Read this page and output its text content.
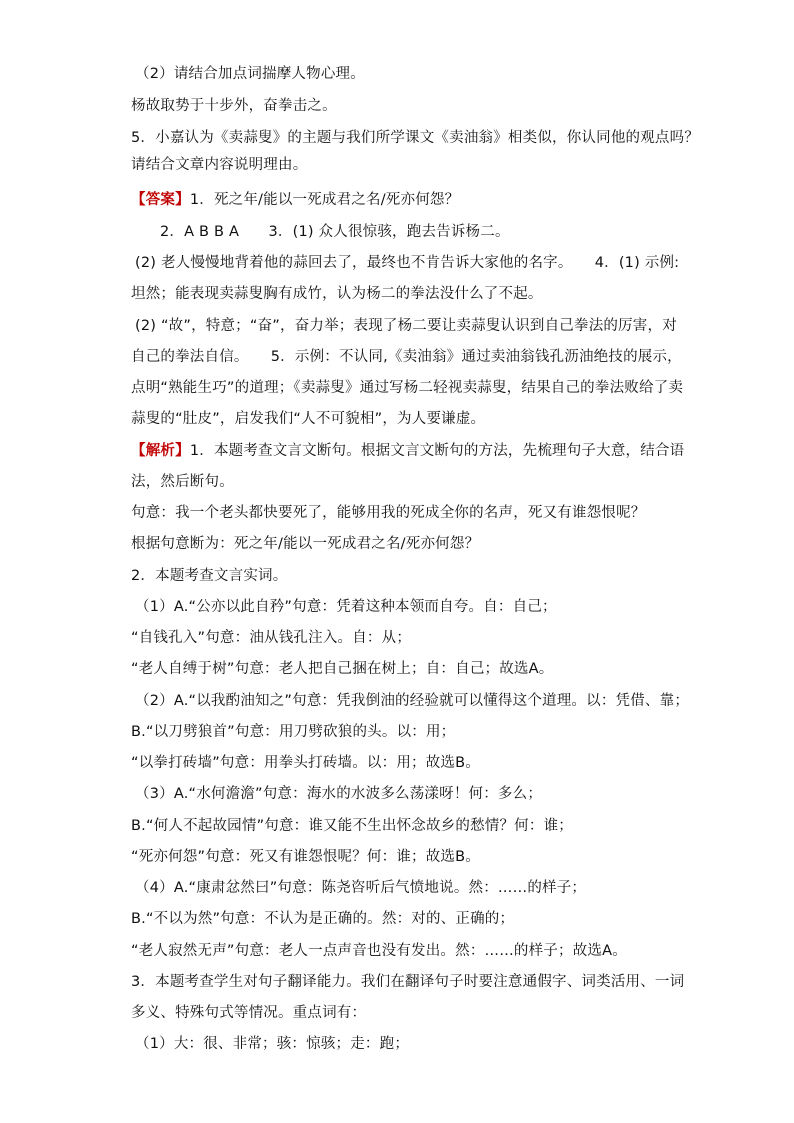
（2）请结合加点词揣摩人物心理。
杨故取势于十步外，奋拳击之。
5．小嘉认为《卖蒜叟》的主题与我们所学课文《卖油翁》相类似，你认同他的观点吗？
请结合文章内容说明理由。
【答案】1．死之年/能以一死成君之名/死亦何怨？
2．A B B A　　3．(1) 众人很惊骇，跑去告诉杨二。
(2) 老人慢慢地背着他的蒜回去了，最终也不肯告诉大家他的名字。　　4．(1) 示例:
坦然；能表现卖蒜叟胸有成竹，认为杨二的拳法没什么了不起。
(2) “故”，特意；“奋”，奋力举；表现了杨二要让卖蒜叟认识到自己拳法的厉害，对
自己的拳法自信。　　5．示例：不认同,《卖油翁》通过卖油翁钱孔沥油绝技的展示，
点明“熟能生巧”的道理；《卖蒜叟》通过写杨二轻视卖蒜叟，结果自己的拳法败给了卖
蒜叟的“肚皮”，启发我们“人不可貌相”，为人要谦虚。
【解析】1．本题考查文言文断句。根据文言文断句的方法，先梳理句子大意，结合语
法，然后断句。
句意：我一个老头都快要死了，能够用我的死成全你的名声，死又有谁怨恨呢？
根据句意断为：死之年/能以一死成君之名/死亦何怨？
2．本题考查文言实词。
（1）A.“公亦以此自矜”句意：凭着这种本领而自夸。自：自己；
“自钱孔入”句意：油从钱孔注入。自：从；
“老人自缚于树”句意：老人把自己捆在树上；自：自己；故选A。
（2）A.“以我酌油知之”句意：凭我倒油的经验就可以懂得这个道理。以：凭借、靠；
B.“以刀劈狼首”句意：用刀劈砍狼的头。以：用；
“以拳打砖墙”句意：用拳头打砖墙。以：用；故选B。
（3）A.“水何澹澹”句意：海水的水波多么荡漾呀！何：多么；
B.“何人不起故园情”句意：谁又能不生出怀念故乡的愁情？何：谁；
“死亦何怨”句意：死又有谁怨恨呢？何：谁；故选B。
（4）A.“康肃忿然曰”句意：陈尧咨听后气愤地说。然：……的样子；
B.“不以为然”句意：不认为是正确的。然：对的、正确的；
“老人寂然无声”句意：老人一点声音也没有发出。然：……的样子；故选A。
3．本题考查学生对句子翻译能力。我们在翻译句子时要注意通假字、词类活用、一词
多义、特殊句式等情况。重点词有：
（1）大：很、非常；骇：惊骇；走：跑；
